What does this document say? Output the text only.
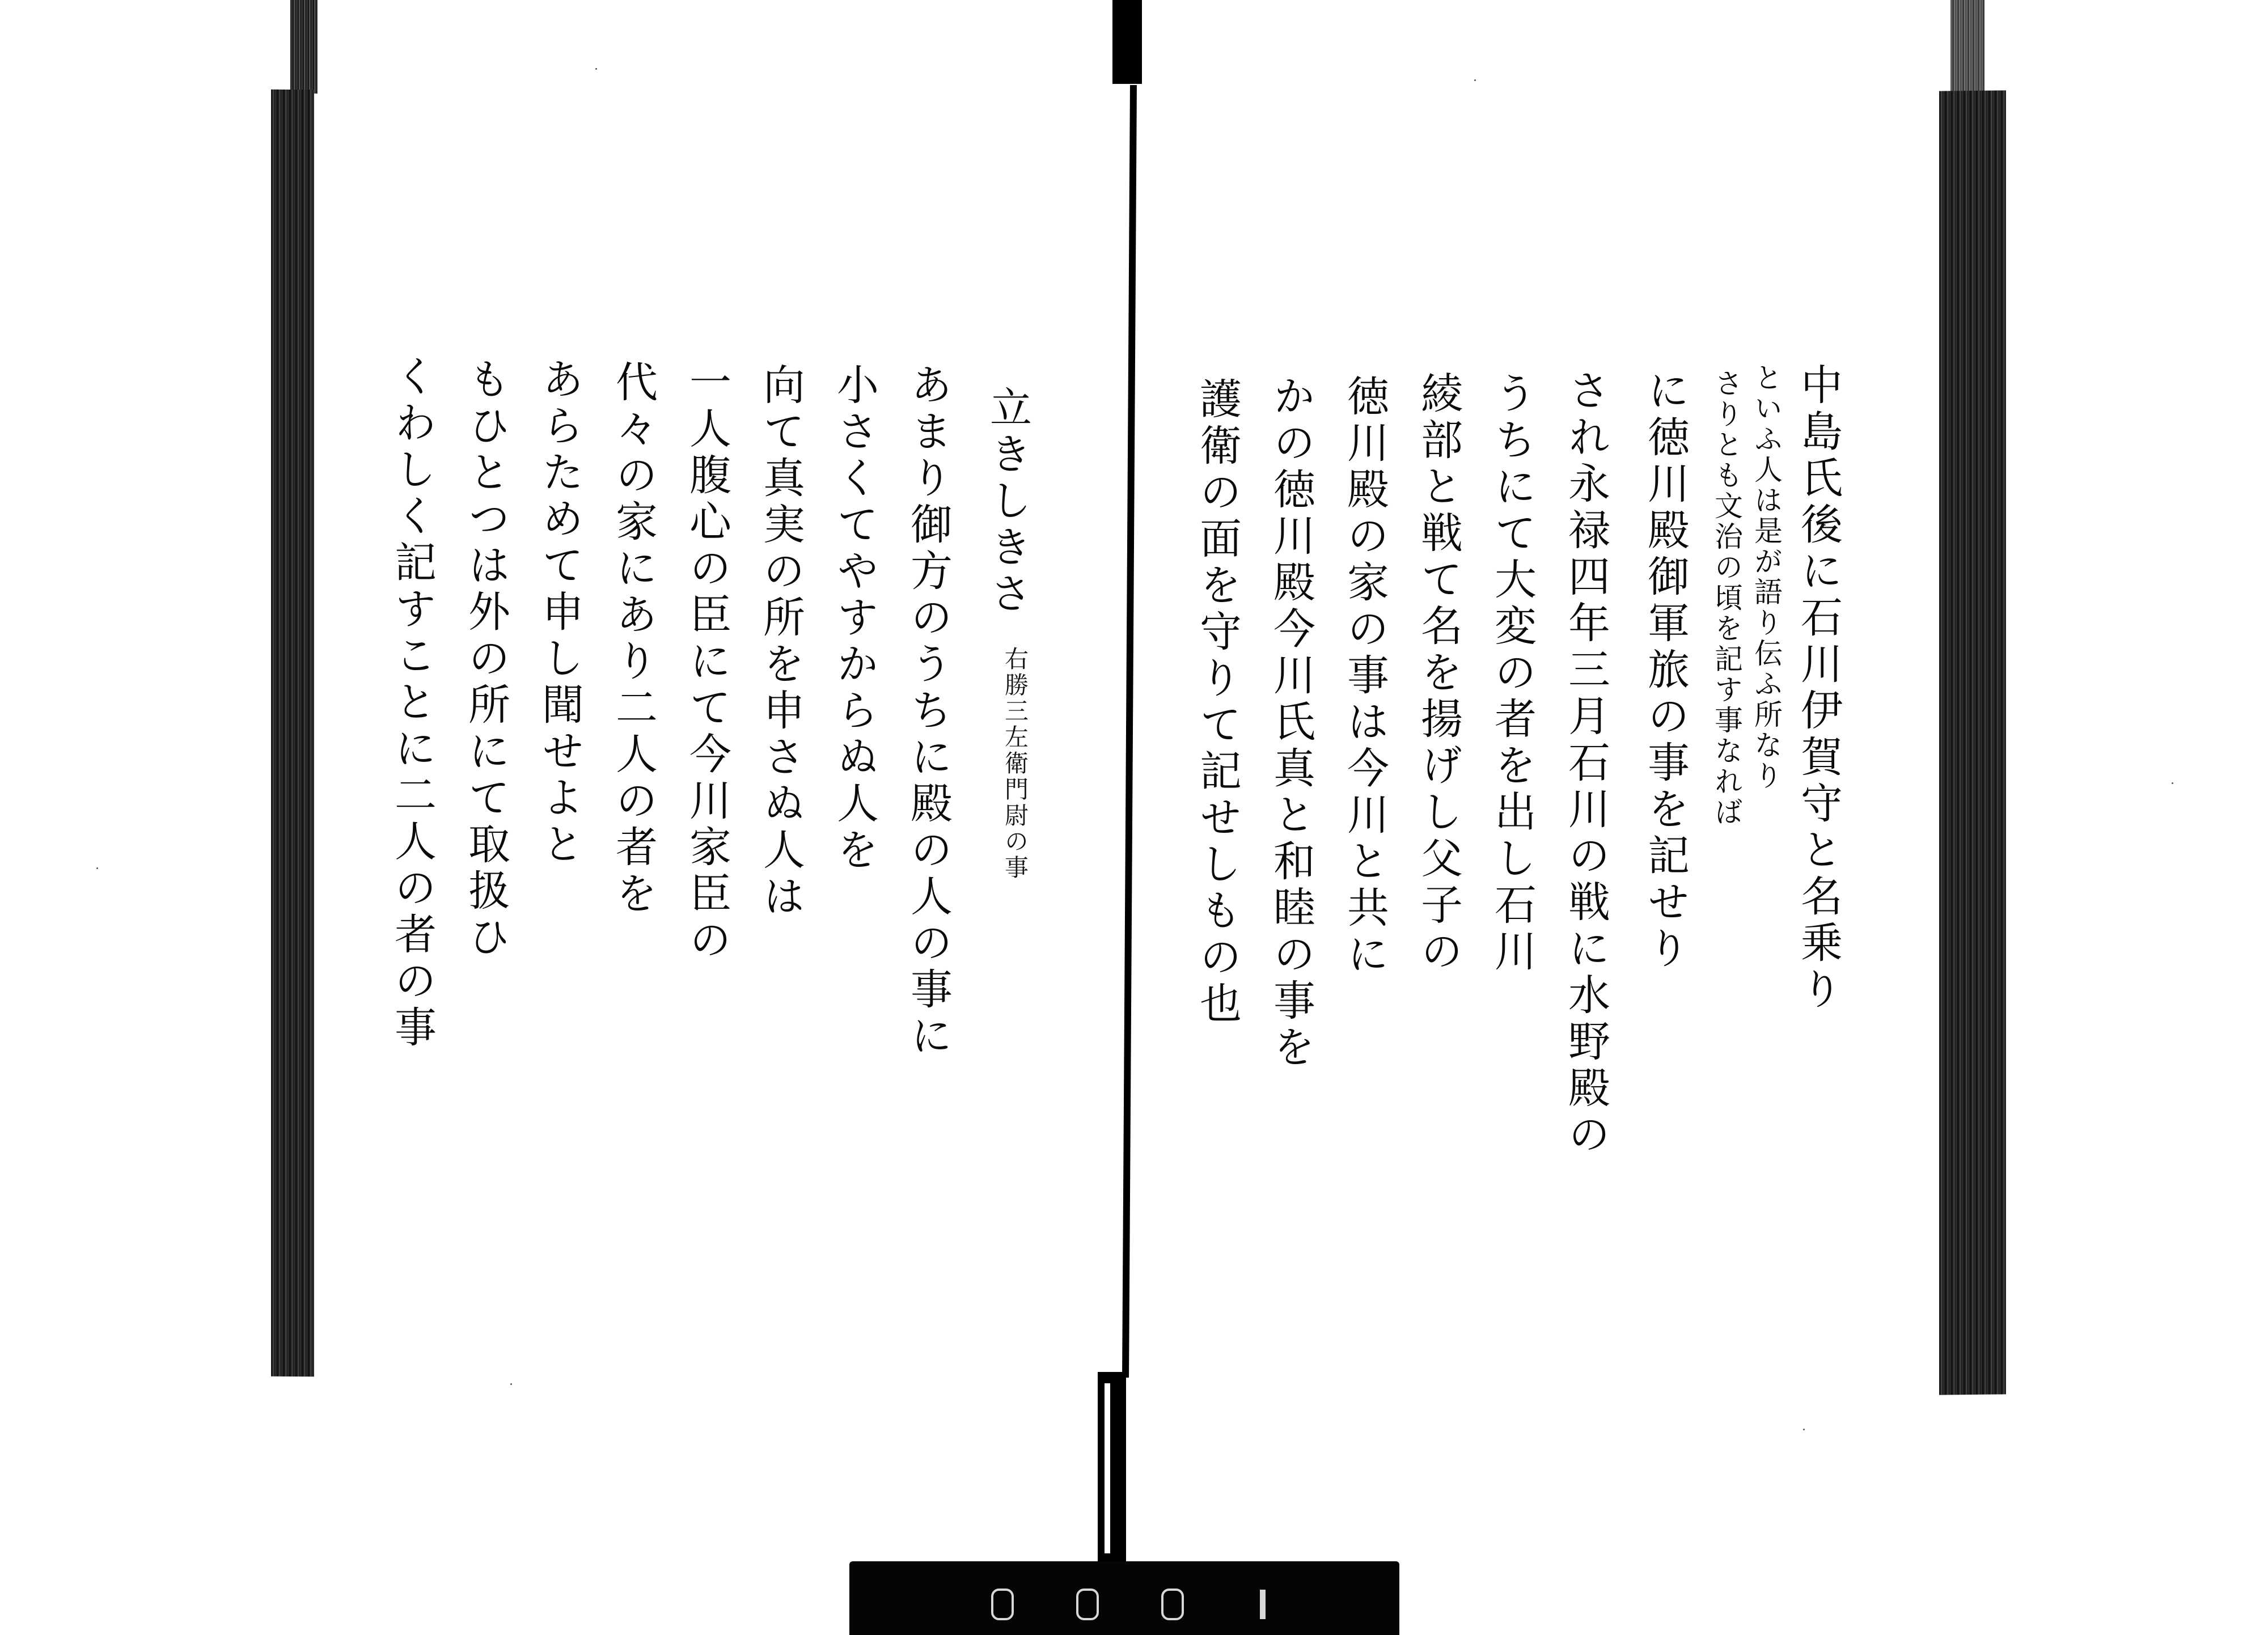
中島氏後に石川伊賀守と名乗り
といふ人は是が語り伝ふ所なり
さりとも文治の頃を記す事なれば
に徳川殿御軍旅の事を記せり
され永禄四年三月石川の戦に水野殿の
うちにて大変の者を出し石川
綾部と戦て名を揚げし父子の
徳川殿の家の事は今川と共に
かの徳川殿今川氏真と和睦の事を
護衛の面を守りて記せしもの也
立きしきさ
右勝三左衛門尉の事
あまり御方のうちに殿の人の事に
小さくてやすからぬ人を
向て真実の所を申さぬ人は
一人腹心の臣にて今川家臣の
代々の家にあり二人の者を
あらためて申し聞せよと
もひとつは外の所にて取扱ひ
くわしく記すことに二人の者の事
